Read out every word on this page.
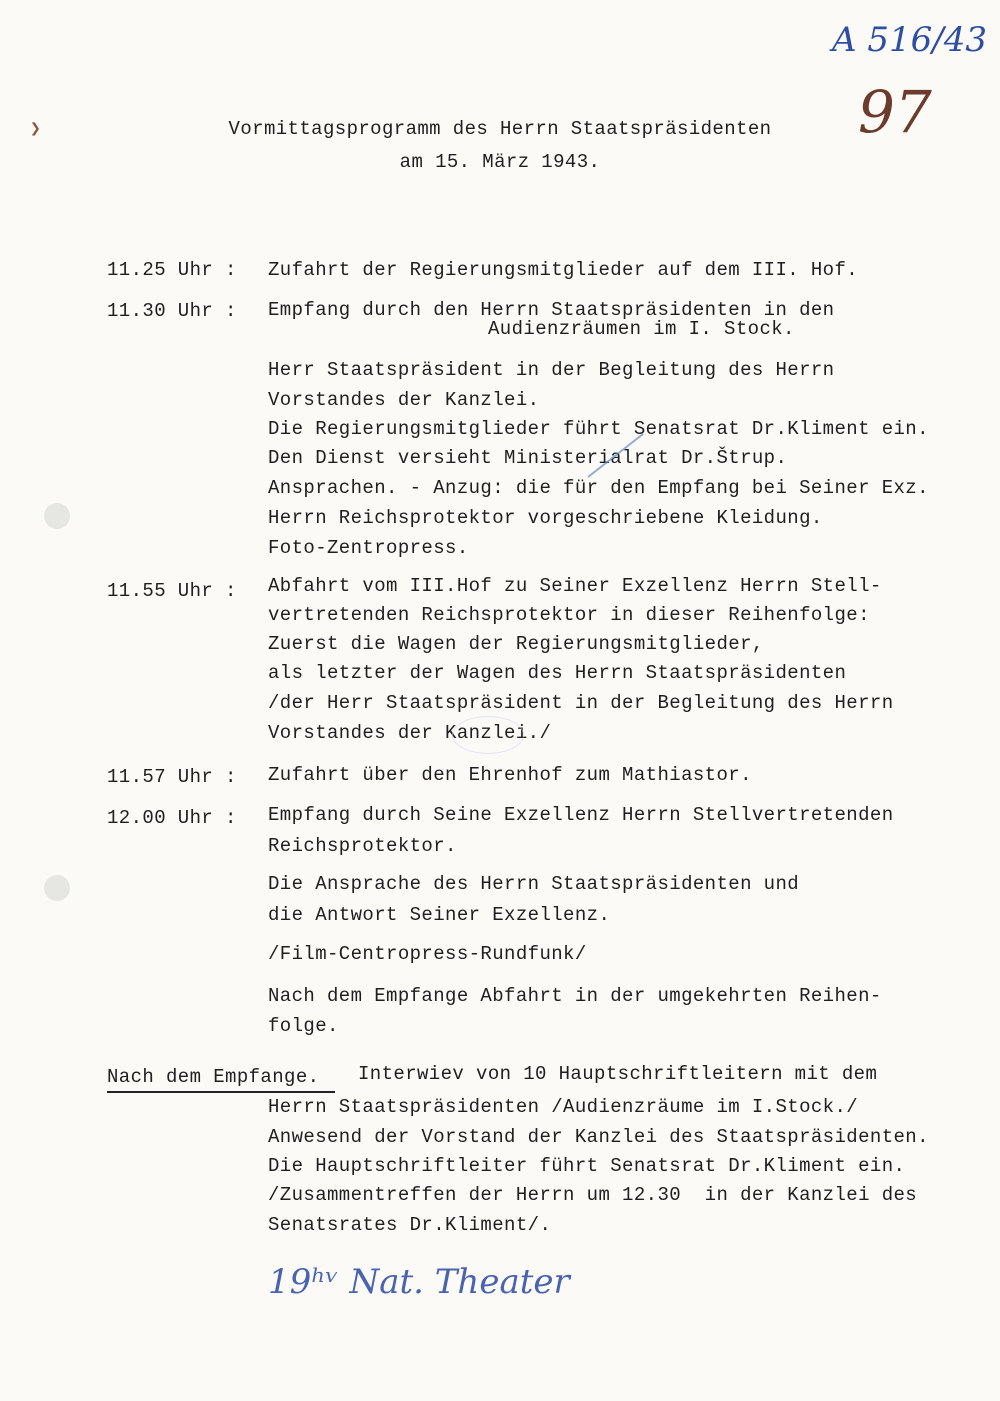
❯
A 516/43
97
Vormittagsprogramm des Herrn Staatspräsidenten
am 15. März 1943.
11.25 Uhr : Zufahrt der Regierungsmitglieder auf dem III. Hof.
11.30 Uhr : Empfang durch den Herrn Staatspräsidenten in den
Audienzräumen im I. Stock.
Herr Staatspräsident in der Begleitung des Herrn
Vorstandes der Kanzlei.
Die Regierungsmitglieder führt Senatsrat Dr.Kliment ein.
Den Dienst versieht Ministerialrat Dr.Štrup.
Ansprachen. - Anzug: die für den Empfang bei Seiner Exz.
Herrn Reichsprotektor vorgeschriebene Kleidung.
Foto-Zentropress.
11.55 Uhr : Abfahrt vom III.Hof zu Seiner Exzellenz Herrn Stell-
vertretenden Reichsprotektor in dieser Reihenfolge:
Zuerst die Wagen der Regierungsmitglieder,
als letzter der Wagen des Herrn Staatspräsidenten
/der Herr Staatspräsident in der Begleitung des Herrn
Vorstandes der Kanzlei./
11.57 Uhr : Zufahrt über den Ehrenhof zum Mathiastor.
12.00 Uhr : Empfang durch Seine Exzellenz Herrn Stellvertretenden
Reichsprotektor.
Die Ansprache des Herrn Staatspräsidenten und
die Antwort Seiner Exzellenz.
/Film-Centropress-Rundfunk/
Nach dem Empfange Abfahrt in der umgekehrten Reihen-
folge.
Nach dem Empfange. Interwiev von 10 Hauptschriftleitern mit dem
Herrn Staatspräsidenten /Audienzräume im I.Stock./
Anwesend der Vorstand der Kanzlei des Staatspräsidenten.
Die Hauptschriftleiter führt Senatsrat Dr.Kliment ein.
/Zusammentreffen der Herrn um 12.30  in der Kanzlei des
Senatsrates Dr.Kliment/.
19ʰᵛ Nat. Theater
